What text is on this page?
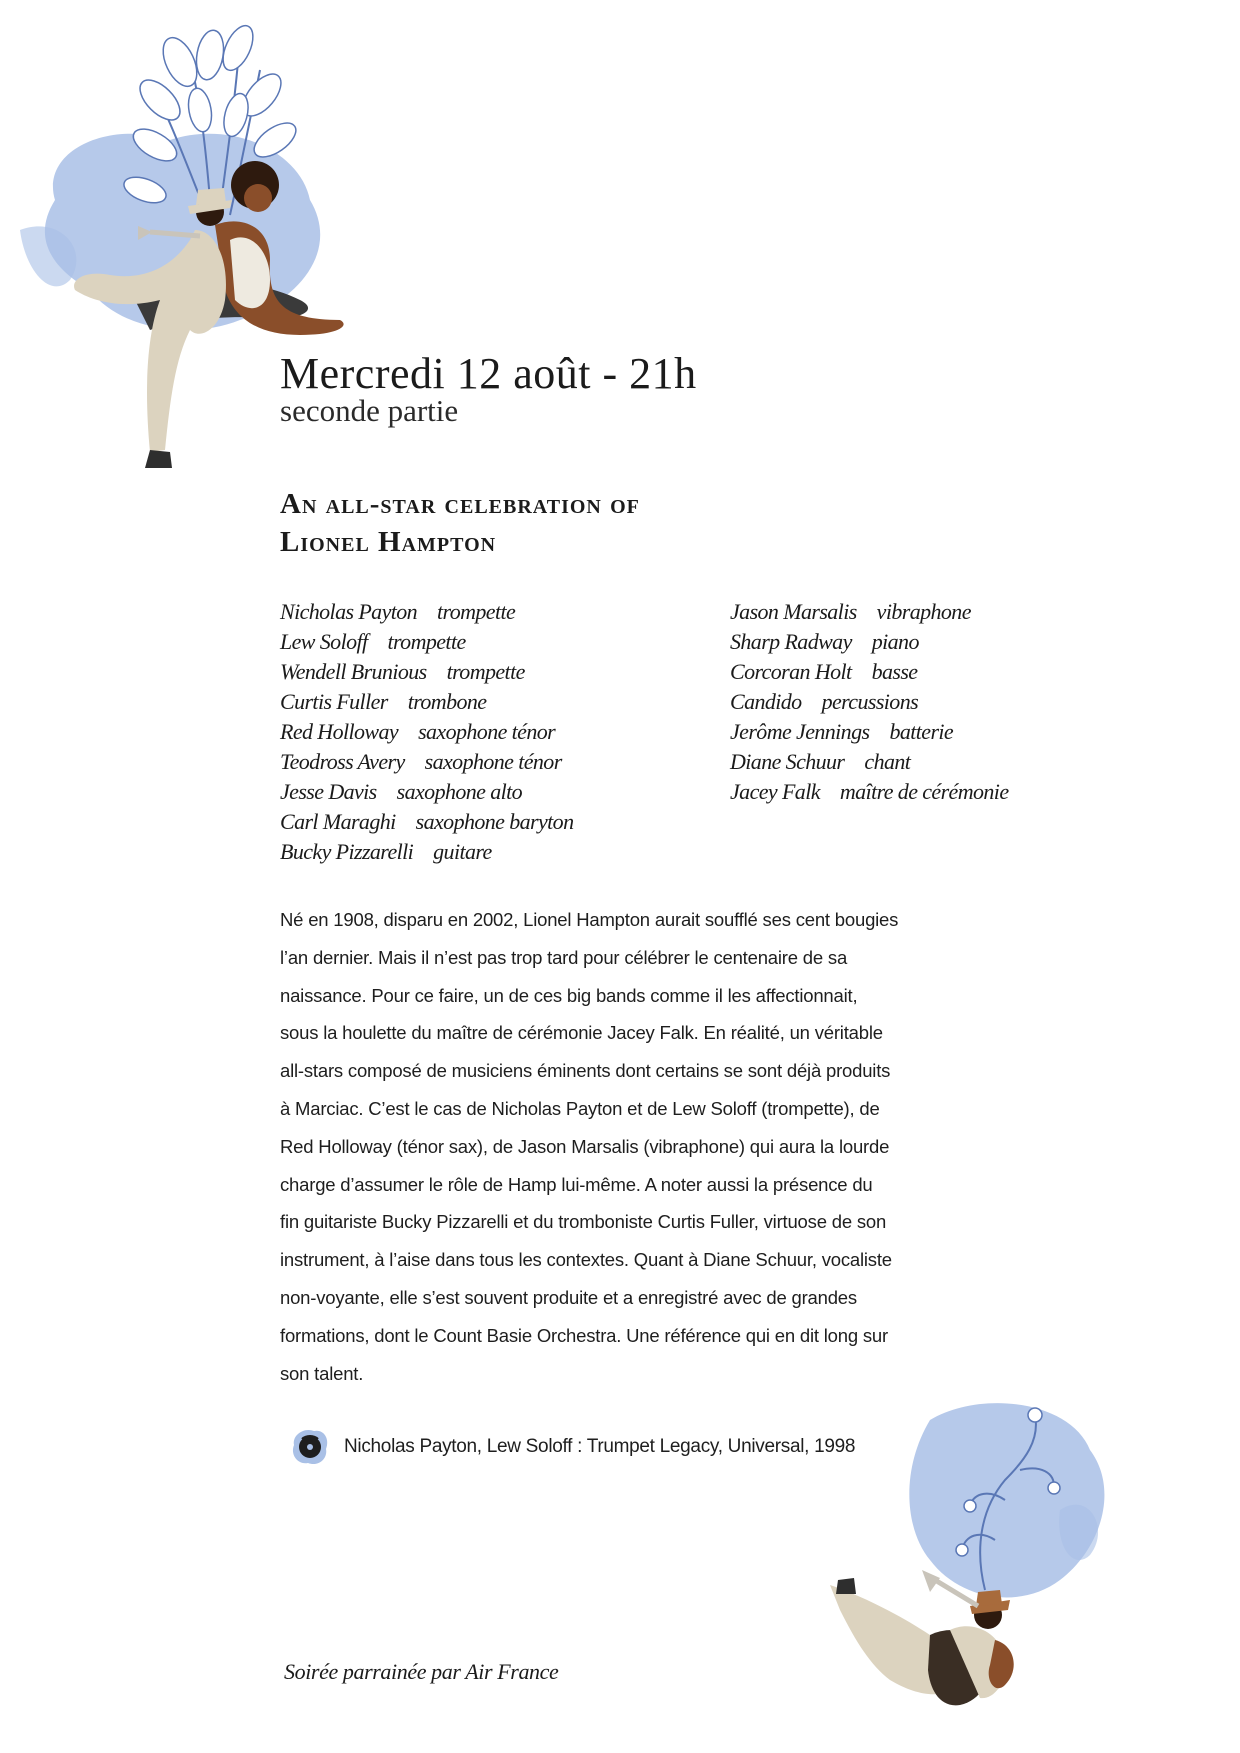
Mercredi 12 août - 21h

seconde partie

An all-star celebration of
Lionel Hampton
Nicholas Payton trompette
Lew Soloff trompette
Wendell Brunious trompette
Curtis Fuller trombone
Red Holloway saxophone ténor
Teodross Avery saxophone ténor
Jesse Davis saxophone alto
Carl Maraghi saxophone baryton
Bucky Pizzarelli guitare
Jason Marsalis vibraphone
Sharp Radway piano
Corcoran Holt basse
Candido percussions
Jerôme Jennings batterie
Diane Schuur chant
Jacey Falk maître de cérémonie
Né en 1908, disparu en 2002, Lionel Hampton aurait soufflé ses cent bougies
l’an dernier. Mais il n’est pas trop tard pour célébrer le centenaire de sa
naissance. Pour ce faire, un de ces big bands comme il les affectionnait,
sous la houlette du maître de cérémonie Jacey Falk. En réalité, un véritable
all-stars composé de musiciens éminents dont certains se sont déjà produits
à Marciac. C’est le cas de Nicholas Payton et de Lew Soloff (trompette), de
Red Holloway (ténor sax), de Jason Marsalis (vibraphone) qui aura la lourde
charge d’assumer le rôle de Hamp lui-même. A noter aussi la présence du
fin guitariste Bucky Pizzarelli et du tromboniste Curtis Fuller, virtuose de son
instrument, à l’aise dans tous les contextes. Quant à Diane Schuur, vocaliste
non-voyante, elle s’est souvent produite et a enregistré avec de grandes
formations, dont le Count Basie Orchestra. Une référence qui en dit long sur
son talent.
Nicholas Payton, Lew Soloff : Trumpet Legacy, Universal, 1998

Soirée parrainée par Air France
